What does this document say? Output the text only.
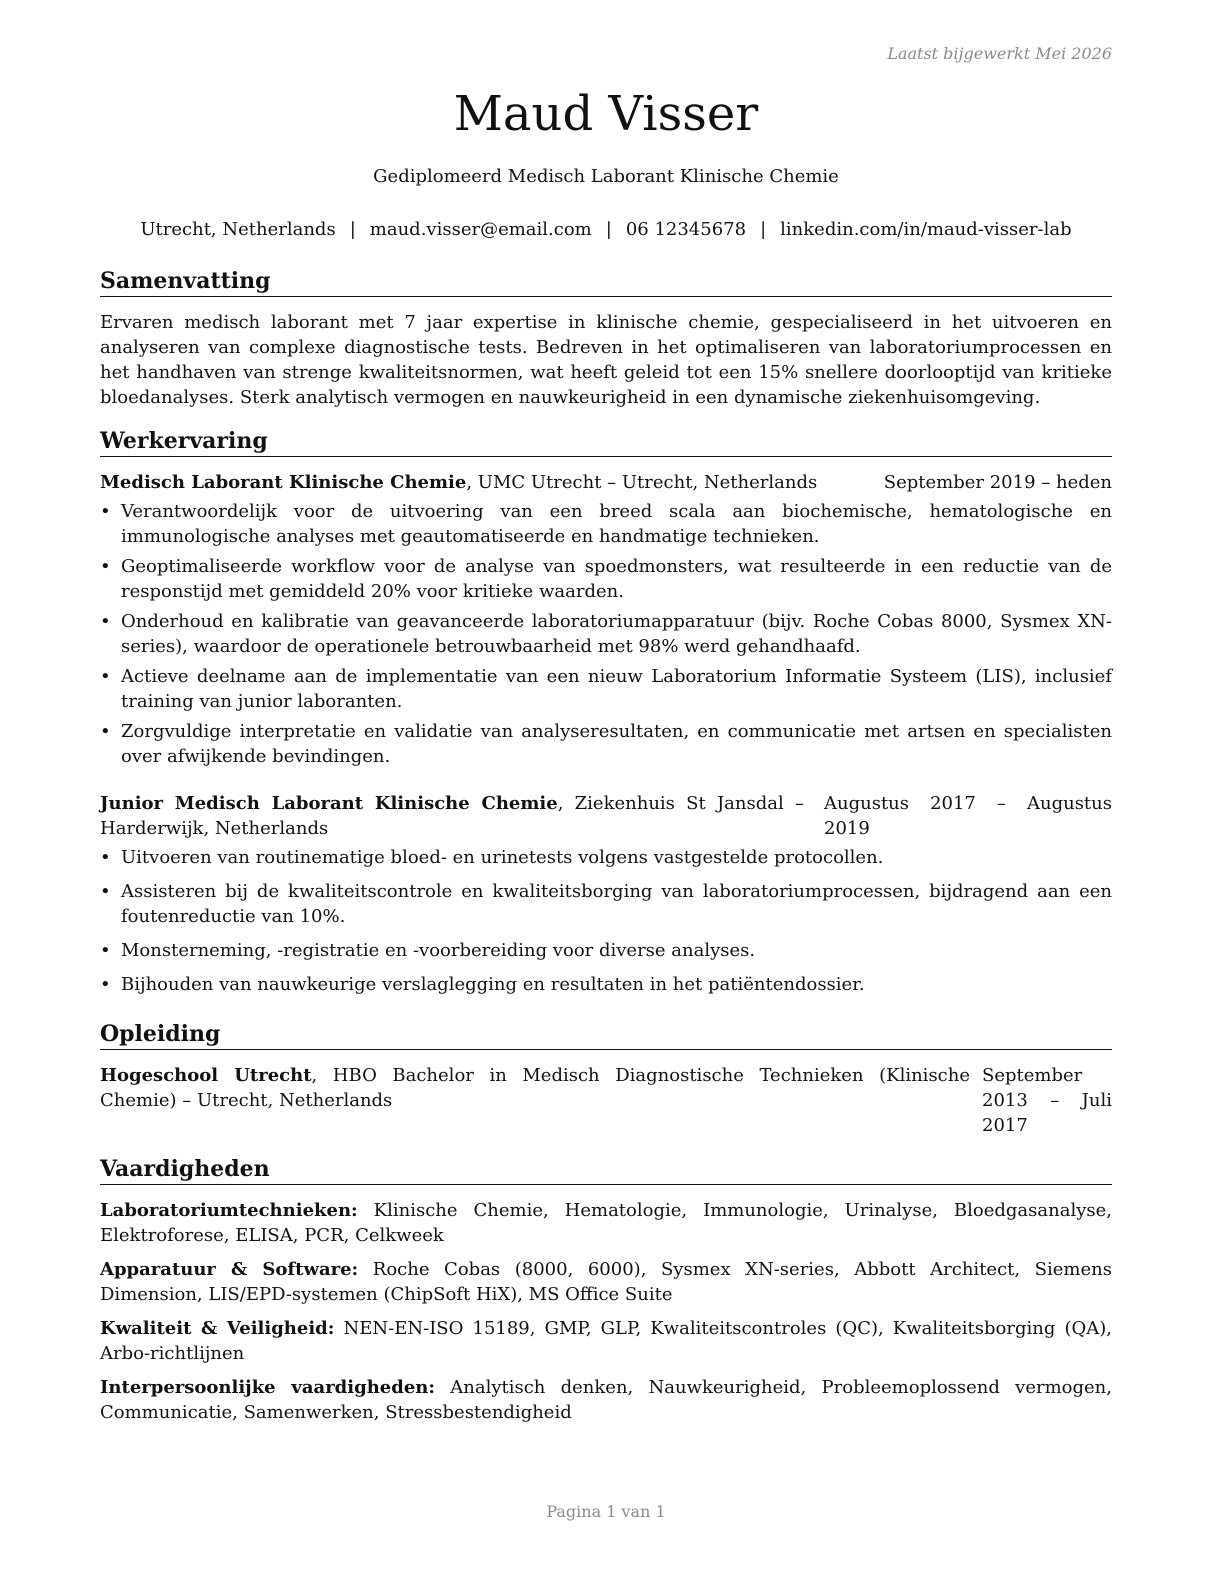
Laatst bijgewerkt Mei 2026
Maud Visser

Gediplomeerd Medisch Laborant Klinische Chemie

Utrecht, Netherlands | maud.visser@email.com | 06 12345678 | linkedin.com/in/maud-visser-lab

Samenvatting

Ervaren medisch laborant met 7 jaar expertise in klinische chemie, gespecialiseerd in het uitvoeren en analyseren van complexe diagnostische tests. Bedreven in het optimaliseren van laboratoriumprocessen en het handhaven van strenge kwaliteitsnormen, wat heeft geleid tot een 15% snellere doorlooptijd van kritieke bloedanalyses. Sterk analytisch vermogen en nauwkeurigheid in een dynamische ziekenhuisomgeving.

Werkervaring
Medisch Laborant Klinische Chemie, UMC Utrecht – Utrecht, Netherlands	September 2019 – heden
• Verantwoordelijk voor de uitvoering van een breed scala aan biochemische, hematologische en immunologische analyses met geautomatiseerde en handmatige technieken.
• Geoptimaliseerde workflow voor de analyse van spoedmonsters, wat resulteerde in een reductie van de responstijd met gemiddeld 20% voor kritieke waarden.
• Onderhoud en kalibratie van geavanceerde laboratoriumapparatuur (bijv. Roche Cobas 8000, Sysmex XN-series), waardoor de operationele betrouwbaarheid met 98% werd gehandhaafd.
• Actieve deelname aan de implementatie van een nieuw Laboratorium Informatie Systeem (LIS), inclusief training van junior laboranten.
• Zorgvuldige interpretatie en validatie van analyseresultaten, en communicatie met artsen en specialisten over afwijkende bevindingen.
Junior Medisch Laborant Klinische Chemie, Ziekenhuis St Jansdal – Harderwijk, Netherlands
Augustus 2017 – Augustus 2019
• Uitvoeren van routinematige bloed- en urinetests volgens vastgestelde protocollen.
• Assisteren bij de kwaliteitscontrole en kwaliteitsborging van laboratoriumprocessen, bijdragend aan een foutenreductie van 10%.
• Monsterneming, -registratie en -voorbereiding voor diverse analyses.
• Bijhouden van nauwkeurige verslaglegging en resultaten in het patiëntendossier.
Opleiding
Hogeschool Utrecht, HBO Bachelor in Medisch Diagnostische Technieken (Klinische Chemie) – Utrecht, Netherlands
September 2013 – Juli 2017
Vaardigheden

Laboratoriumtechnieken: Klinische Chemie, Hematologie, Immunologie, Urinalyse, Bloedgasanalyse, Elektroforese, ELISA, PCR, Celkweek

Apparatuur & Software: Roche Cobas (8000, 6000), Sysmex XN-series, Abbott Architect, Siemens Dimension, LIS/EPD-systemen (ChipSoft HiX), MS Office Suite

Kwaliteit & Veiligheid: NEN-EN-ISO 15189, GMP, GLP, Kwaliteitscontroles (QC), Kwaliteitsborging (QA), Arbo-richtlijnen

Interpersoonlijke vaardigheden: Analytisch denken, Nauwkeurigheid, Probleemoplossend vermogen, Communicatie, Samenwerken, Stressbestendigheid

Pagina 1 van 1
